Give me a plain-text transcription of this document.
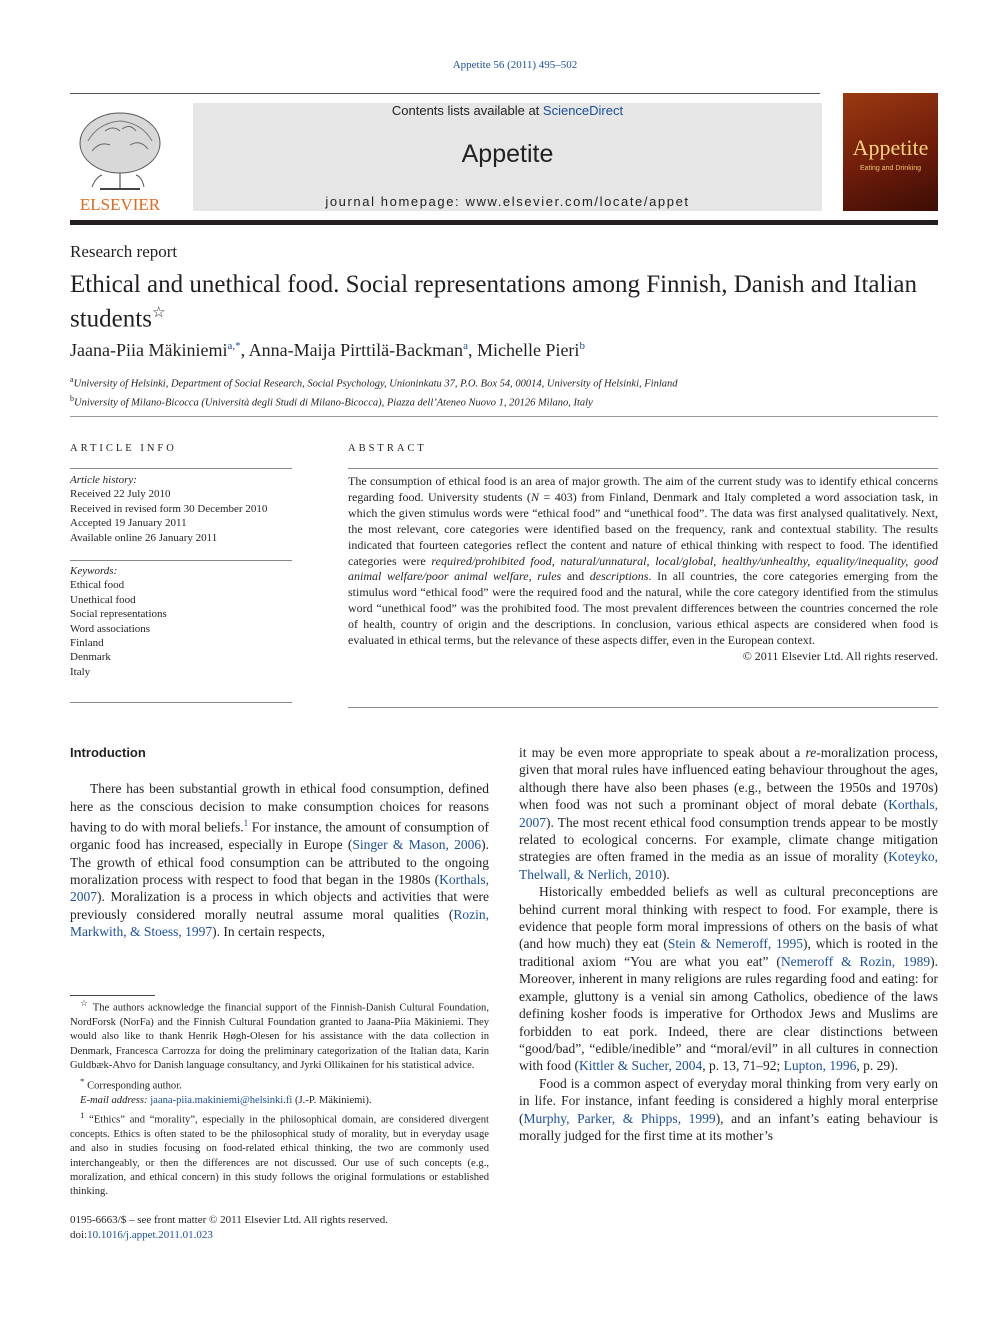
Appetite 56 (2011) 495–502
ELSEVIER
Contents lists available at ScienceDirect
Appetite
journal homepage: www.elsevier.com/locate/appet
Appetite
Eating and Drinking
Research report
Ethical and unethical food. Social representations among Finnish, Danish and Italian students☆
Jaana-Piia Mäkiniemi$^{a,*}$, Anna-Maija Pirttilä-Backman$^a$, Michelle Pieri$^b$
$^a$University of Helsinki, Department of Social Research, Social Psychology, Unioninkatu 37, P.O. Box 54, 00014, University of Helsinki, Finland
$^b$University of Milano-Bicocca (Università degli Studi di Milano-Bicocca), Piazza dell’Ateneo Nuovo 1, 20126 Milano, Italy
ARTICLE INFO
Article history:
Received 22 July 2010
Received in revised form 30 December 2010
Accepted 19 January 2011
Available online 26 January 2011
Keywords:
Ethical food
Unethical food
Social representations
Word associations
Finland
Denmark
Italy
ABSTRACT
The consumption of ethical food is an area of major growth. The aim of the current study was to identify ethical concerns regarding food. University students (N = 403) from Finland, Denmark and Italy completed a word association task, in which the given stimulus words were “ethical food” and “unethical food”. The data was first analysed qualitatively. Next, the most relevant, core categories were identified based on the frequency, rank and contextual stability. The results indicated that fourteen categories reflect the content and nature of ethical thinking with respect to food. The identified categories were required/prohibited food, natural/unnatural, local/global, healthy/unhealthy, equality/inequality, good animal welfare/poor animal welfare, rules and descriptions. In all countries, the core categories emerging from the stimulus word “ethical food” were the required food and the natural, while the core category identified from the stimulus word “unethical food” was the prohibited food. The most prevalent differences between the countries concerned the role of health, country of origin and the descriptions. In conclusion, various ethical aspects are considered when food is evaluated in ethical terms, but the relevance of these aspects differ, even in the European context.
© 2011 Elsevier Ltd. All rights reserved.
Introduction

There has been substantial growth in ethical food consumption, defined here as the conscious decision to make consumption choices for reasons having to do with moral beliefs.$^1$ For instance, the amount of consumption of organic food has increased, especially in Europe (Singer & Mason, 2006). The growth of ethical food consumption can be attributed to the ongoing moralization process with respect to food that began in the 1980s (Korthals, 2007). Moralization is a process in which objects and activities that were previously considered morally neutral assume moral qualities (Rozin, Markwith, & Stoess, 1997). In certain respects,

☆ The authors acknowledge the financial support of the Finnish-Danish Cultural Foundation, NordForsk (NorFa) and the Finnish Cultural Foundation granted to Jaana-Piia Mäkiniemi. They would also like to thank Henrik Høgh-Olesen for his assistance with the data collection in Denmark, Francesca Carrozza for doing the preliminary categorization of the Italian data, Karin Guldbæk-Ahvo for Danish language consultancy, and Jyrki Ollikainen for his statistical advice.

* Corresponding author.

E-mail address: jaana-piia.makiniemi@helsinki.fi (J.-P. Mäkiniemi).

$^1$ “Ethics” and “morality”, especially in the philosophical domain, are considered divergent concepts. Ethics is often stated to be the philosophical study of morality, but in everyday usage and also in studies focusing on food-related ethical thinking, the two are commonly used interchangeably, or then the differences are not discussed. Our use of such concepts (e.g., moralization, and ethical concern) in this study follows the original formulations or established thinking.

0195-6663/$ – see front matter © 2011 Elsevier Ltd. All rights reserved.
doi:10.1016/j.appet.2011.01.023

it may be even more appropriate to speak about a re-moralization process, given that moral rules have influenced eating behaviour throughout the ages, although there have also been phases (e.g., between the 1950s and 1970s) when food was not such a prominant object of moral debate (Korthals, 2007). The most recent ethical food consumption trends appear to be mostly related to ecological concerns. For example, climate change mitigation strategies are often framed in the media as an issue of morality (Koteyko, Thelwall, & Nerlich, 2010).

Historically embedded beliefs as well as cultural preconceptions are behind current moral thinking with respect to food. For example, there is evidence that people form moral impressions of others on the basis of what (and how much) they eat (Stein & Nemeroff, 1995), which is rooted in the traditional axiom “You are what you eat” (Nemeroff & Rozin, 1989). Moreover, inherent in many religions are rules regarding food and eating: for example, gluttony is a venial sin among Catholics, obedience of the laws defining kosher foods is imperative for Orthodox Jews and Muslims are forbidden to eat pork. Indeed, there are clear distinctions between “good/bad”, “edible/inedible” and “moral/evil” in all cultures in connection with food (Kittler & Sucher, 2004, p. 13, 71–92; Lupton, 1996, p. 29).

Food is a common aspect of everyday moral thinking from very early on in life. For instance, infant feeding is considered a highly moral enterprise (Murphy, Parker, & Phipps, 1999), and an infant’s eating behaviour is morally judged for the first time at its mother’s
